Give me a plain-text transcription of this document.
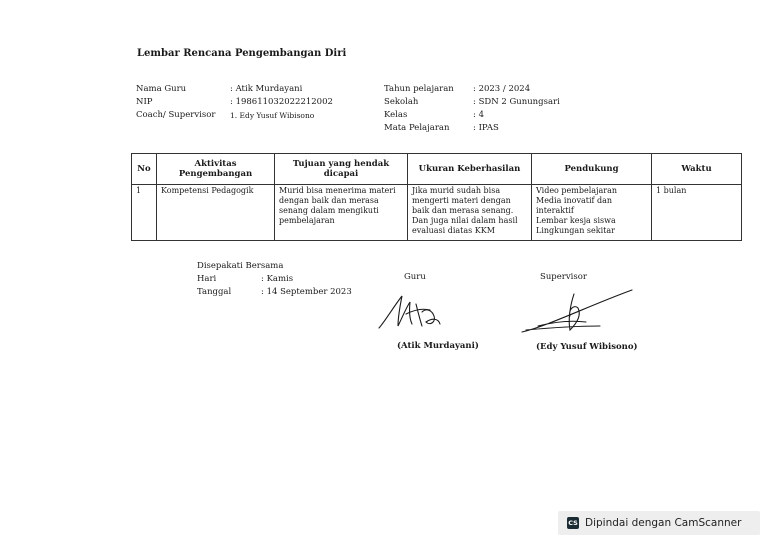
Lembar Rencana Pengembangan Diri
Nama Guru	: Atik Murdayani
NIP	: 198611032022212002
Coach/ Supervisor	1. Edy Yusuf Wibisono
Tahun pelajaran	: 2023 / 2024
Sekolah	: SDN 2 Gunungsari
Kelas	: 4
Mata Pelajaran	: IPAS
No	Aktivitas Pengembangan	Tujuan yang hendak dicapai	Ukuran Keberhasilan	Pendukung	Waktu
1	Kompetensi Pedagogik	Murid bisa menerima materi dengan baik dan merasa senang dalam mengikuti pembelajaran	Jika murid sudah bisa mengerti materi dengan baik dan merasa senang. Dan juga nilai dalam hasil evaluasi diatas KKM	Video pembelajaran
Media inovatif dan interaktif
Lembar kesja siswa
Lingkungan sekitar	1 bulan
Disepakati Bersama
Hari	: Kamis
Tanggal	: 14 September 2023
Guru	Supervisor
(Atik Murdayani)	(Edy Yusuf Wibisono)
CS Dipindai dengan CamScanner
